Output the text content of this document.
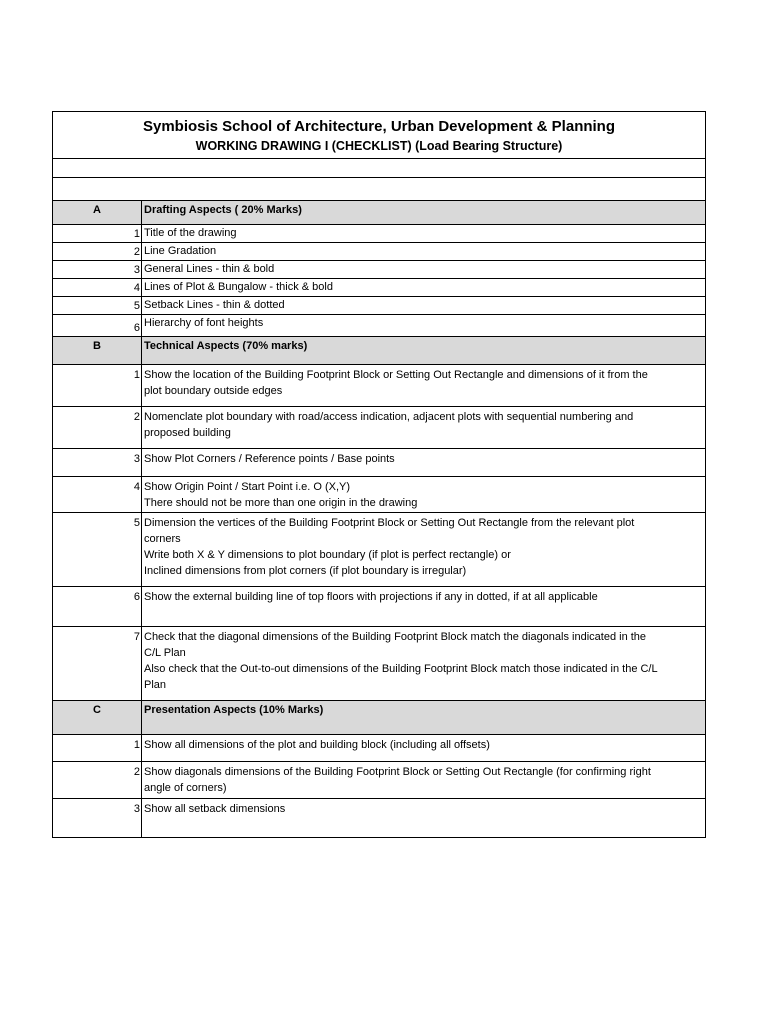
Symbiosis School of Architecture, Urban Development & Planning
WORKING DRAWING I (CHECKLIST) (Load Bearing Structure)	

A	Drafting Aspects ( 20% Marks)
1	Title of the drawing

2	Line Gradation

3	General Lines - thin & bold

4	Lines of Plot & Bungalow - thick & bold

5	Setback Lines - thin & dotted

6	Hierarchy of font heights

B	Technical Aspects (70% marks)
1	Show the location of the Building Footprint Block or Setting Out Rectangle and dimensions of it from the
plot boundary outside edges

2	Nomenclate plot boundary with road/access indication, adjacent plots with sequential numbering and
proposed building

3	Show Plot Corners / Reference points / Base points

4	Show Origin Point / Start Point i.e. O (X,Y)
There should not be more than one origin in the drawing

5	Dimension the vertices of the Building Footprint Block or Setting Out Rectangle from the relevant plot
corners
Write both X & Y dimensions to plot boundary (if plot is perfect rectangle) or
Inclined dimensions from plot corners (if plot boundary is irregular)

6	Show the external building line of top floors with projections if any in dotted, if at all applicable

7	Check that the diagonal dimensions of the Building Footprint Block match the diagonals indicated in the
C/L Plan
Also check that the Out-to-out dimensions of the Building Footprint Block match those indicated in the C/L
Plan

C	Presentation Aspects (10% Marks)
1	Show all dimensions of the plot and building block (including all offsets)

2	Show diagonals dimensions of the Building Footprint Block or Setting Out Rectangle (for confirming right
angle of corners)

3	Show all setback dimensions
